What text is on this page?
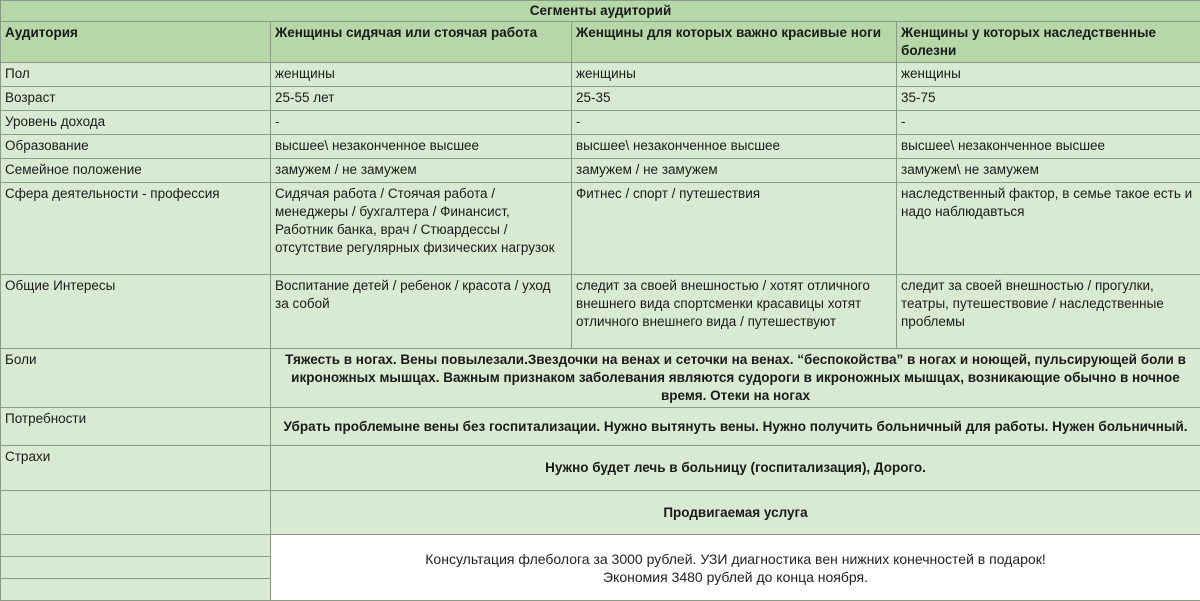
Сегменты аудиторий			
Аудитория	Женщины сидячая или стоячая работа	Женщины для которых важно красивые ноги	Женщины у которых наследственные болезни
Пол	женщины	женщины	женщины
Возраст	25-55 лет	25-35	35-75
Уровень дохода	-	-	-
Образование	высшее\ незаконченное высшее	высшее\ незаконченное высшее	высшее\ незаконченное высшее
Семейное положение	замужем / не замужем	замужем / не замужем	замужем\ не замужем
Сфера деятельности - профессия	Сидячая работа / Стоячая работа / менеджеры / бухгалтера / Финансист, Работник банка, врач / Стюардессы / отсутствие регулярных физических нагрузок	Фитнес / спорт / путешествия	наследственный фактор, в семье такое есть и надо наблюдавться
Общие Интересы	Воспитание детей / ребенок / красота / уход за собой	следит за своей внешностью / хотят отличного внешнего вида спортсменки красавицы хотят отличного внешнего вида / путешествуют	следит за своей внешностью / прогулки, театры, путешествовие / наследственные проблемы
Боли	Тяжесть в ногах. Вены повылезали.Звездочки на венах и сеточки на венах. “беспокойства” в ногах и ноющей, пульсирующей боли в икроножных мышцах. Важным признаком заболевания являются судороги в икроножных мышцах, возникающие обычно в ночное время. Отеки на ногах		
Потребности	Убрать проблемыне вены без госпитализации. Нужно вытянуть вены. Нужно получить больничный для работы. Нужен больничный.		
Страхи	Нужно будет лечь в больницу (госпитализация), Дорого.		
	Продвигаемая услуга		

	Консультация флеболога за 3000 рублей. УЗИ диагностика вен нижних конечностей в подарок!
Экономия 3480 рублей до конца ноября.		
